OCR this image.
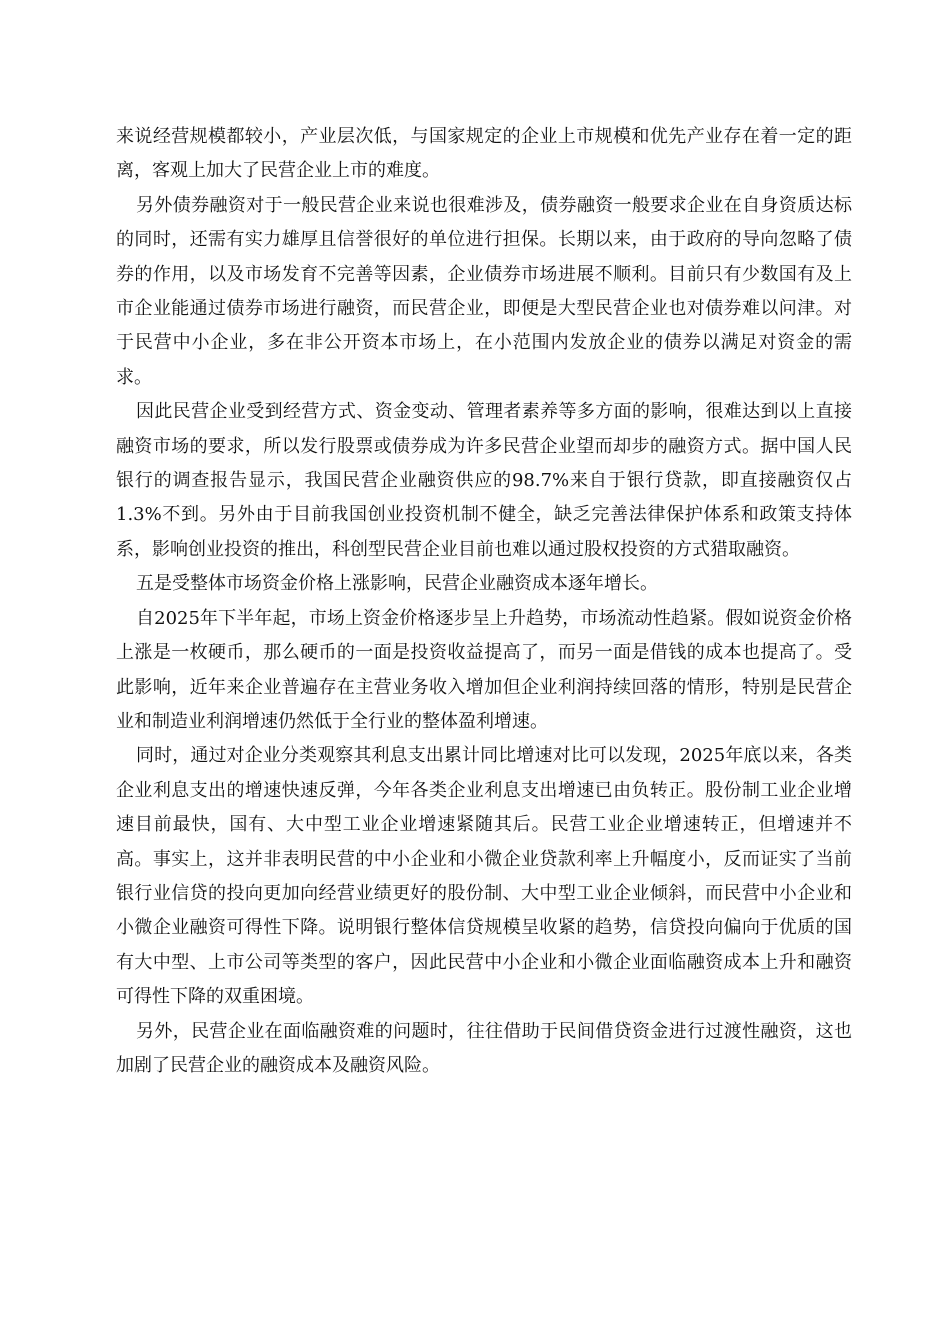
来说经营规模都较小，产业层次低，与国家规定的企业上市规模和优先产业存在着一定的距离，客观上加大了民营企业上市的难度。

另外债券融资对于一般民营企业来说也很难涉及，债券融资一般要求企业在自身资质达标的同时，还需有实力雄厚且信誉很好的单位进行担保。长期以来，由于政府的导向忽略了债券的作用，以及市场发育不完善等因素，企业债券市场进展不顺利。目前只有少数国有及上市企业能通过债券市场进行融资，而民营企业，即便是大型民营企业也对债券难以问津。对于民营中小企业，多在非公开资本市场上，在小范围内发放企业的债券以满足对资金的需求。

因此民营企业受到经营方式、资金变动、管理者素养等多方面的影响，很难达到以上直接融资市场的要求，所以发行股票或债券成为许多民营企业望而却步的融资方式。据中国人民银行的调查报告显示，我国民营企业融资供应的98.7%来自于银行贷款，即直接融资仅占1.3%不到。另外由于目前我国创业投资机制不健全，缺乏完善法律保护体系和政策支持体系，影响创业投资的推出，科创型民营企业目前也难以通过股权投资的方式猎取融资。

五是受整体市场资金价格上涨影响，民营企业融资成本逐年增长。

自2025年下半年起，市场上资金价格逐步呈上升趋势，市场流动性趋紧。假如说资金价格上涨是一枚硬币，那么硬币的一面是投资收益提高了，而另一面是借钱的成本也提高了。受此影响，近年来企业普遍存在主营业务收入增加但企业利润持续回落的情形，特别是民营企业和制造业利润增速仍然低于全行业的整体盈利增速。

同时，通过对企业分类观察其利息支出累计同比增速对比可以发现，2025年底以来，各类企业利息支出的增速快速反弹，今年各类企业利息支出增速已由负转正。股份制工业企业增速目前最快，国有、大中型工业企业增速紧随其后。民营工业企业增速转正，但增速并不高。事实上，这并非表明民营的中小企业和小微企业贷款利率上升幅度小，反而证实了当前银行业信贷的投向更加向经营业绩更好的股份制、大中型工业企业倾斜，而民营中小企业和小微企业融资可得性下降。说明银行整体信贷规模呈收紧的趋势，信贷投向偏向于优质的国有大中型、上市公司等类型的客户，因此民营中小企业和小微企业面临融资成本上升和融资可得性下降的双重困境。

另外，民营企业在面临融资难的问题时，往往借助于民间借贷资金进行过渡性融资，这也加剧了民营企业的融资成本及融资风险。
